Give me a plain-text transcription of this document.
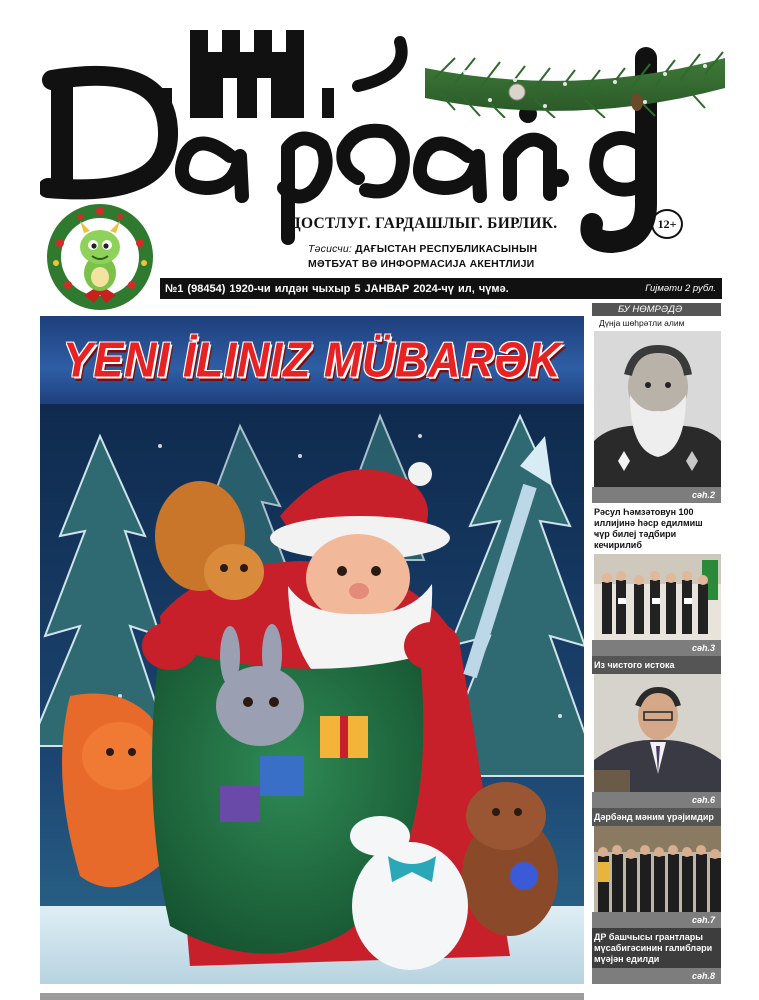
ДОСТЛУГ. ГАРДАШЛЫГ. БИРЛИК.	12+
Тәсисчи: ДАҒЫСТАН РЕСПУБЛИКАСЫНЫН
МӘТБУАТ ВӘ ИНФОРМАСИЈА АКЕНТЛИЈИ
№1 (98454) 1920-чи илдән чыхыр 5 ЈАНВАР 2024-чү ил, чүмә.	Гијмәти 2 рубл.
YENI İLINIZ MÜBARƏK
БУ НӨМРӘДӘ
Дүнја шөһрәтли алим
сəh.2
Рәсул Һәмзәтовун 100 иллијинә һәср едилмиш ҹүр билеј тәдбири кечирилиб
сəh.3
Из чистого истока
сəh.6
Дәрбәнд мәним үрәјимдир
сəh.7
ДР башчысы грантлары мүсабигәсинин галиблəри мүәјән едилди
сəh.8
